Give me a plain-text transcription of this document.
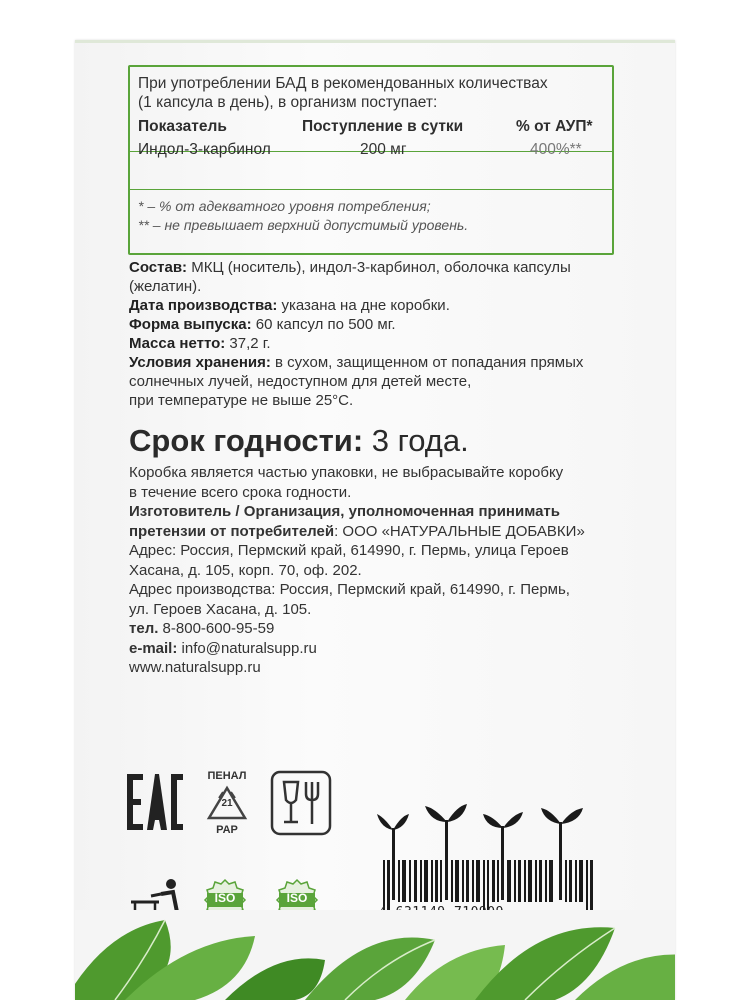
При употреблении БАД в рекомендованных количествах

(1 капсула в день), в организм поступает:

Показатель	Поступление в сутки	% от АУП*
Индол-3-карбинол	200 мг	400%**
* – % от адекватного уровня потребления;
** – не превышает верхний допустимый уровень.

Состав: МКЦ (носитель), индол-3-карбинол, оболочка капсулы

(желатин).

Дата производства: указана на дне коробки.

Форма выпуска: 60 капсул по 500 мг.

Масса нетто: 37,2 г.

Условия хранения: в сухом, защищенном от попадания прямых

солнечных лучей, недоступном для детей месте,

при температуре не выше 25°С.

Срок годности: 3 года.

Коробка является частью упаковки, не выбрасывайте коробку

в течение всего срока годности.

Изготовитель / Организация, уполномоченная принимать

претензии от потребителей: ООО «НАТУРАЛЬНЫЕ ДОБАВКИ»

Адрес: Россия, Пермский край, 614990, г. Пермь, улица Героев

Хасана, д. 105, корп. 70, оф. 202.

Адрес производства: Россия, Пермский край, 614990, г. Пермь,

ул. Героев Хасана, д. 105.

тел. 8-800-600-95-59

e-mail: info@naturalsupp.ru

www.naturalsupp.ru

ПЕНАЛ
21
PAP
ISO	ISO
